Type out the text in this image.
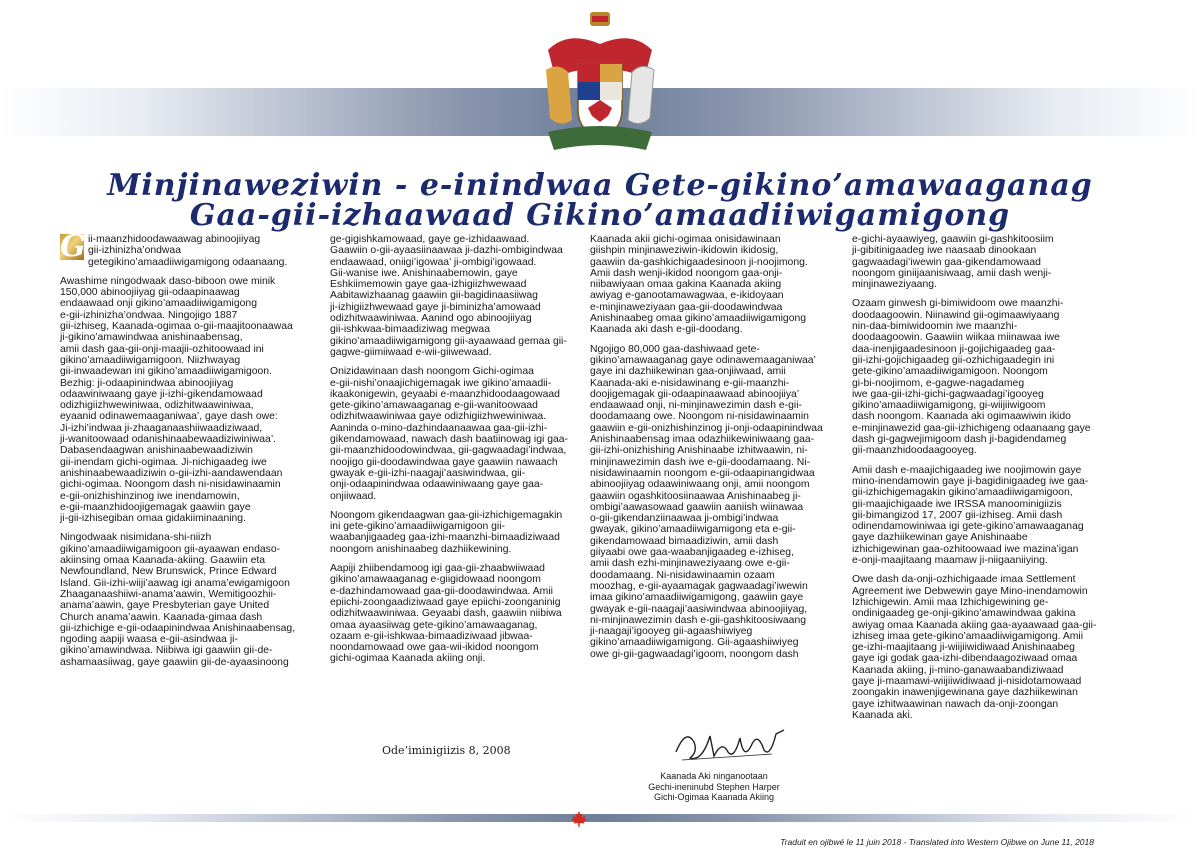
Minjinaweziwin - e-inindwaa Gete-gikino’amawaaganag
Gaa-gii-izhaawaad Gikino’amaadiiwigamigong
G ii-maanzhidoodawaawag abinoojiiyag
gii-izhinizha’ondwaa
getegikino’amaadiiwigamigong odaanaang.

Awashime ningodwaak daso-biboon owe minik
150,000 abinoojiiyag gii-odaapinaawag
endaawaad onji gikino’amaadiiwigamigong
e-gii-izhinizha’ondwaa. Ningojigo 1887
gii-izhiseg, Kaanada-ogimaa o-gii-maajitoonaawaa
ji-gikino’amawindwaa anishinaabensag,
amii dash gaa-gii-onji-maajii-ozhitoowaad ini
gikino’amaadiiwigamigoon. Niizhwayag
gii-inwaadewan ini gikino’amaadiiwigamigoon.
Bezhig: ji-odaapinindwaa abinoojiiyag
odaawiniwaang gaye ji-izhi-gikendamowaad
odizhigiizhwewiniwaa, odizhitwaawiniwaa,
eyaanid odinawemaaganiwaa’, gaye dash owe:
Ji-izhi’indwaa ji-zhaaganaashiiwaadiziwaad,
ji-wanitoowaad odanishinaabewaadiziwiniwaa’.
Dabasendaagwan anishinaabewaadiziwin
gii-inendam gichi-ogimaa. Ji-nichigaadeg iwe
anishinaabewaadiziwin o-gii-izhi-aandawendaan
gichi-ogimaa. Noongom dash ni-nisidawinaamin
e-gii-onizhishinzinog iwe inendamowin,
e-gii-maanzhidoojigemagak gaawiin gaye
ji-gii-izhisegiban omaa gidakiiminaaning.

Ningodwaak nisimidana-shi-niizh
gikino’amaadiiwigamigoon gii-ayaawan endaso-
akiinsing omaa Kaanada-akiing. Gaawiin eta
Newfoundland, New Brunswick, Prince Edward
Island. Gii-izhi-wiiji’aawag igi anama’ewigamigoon
Zhaaganaashiiwi-anama’aawin, Wemitigoozhii-
anama’aawin, gaye Presbyterian gaye United
Church anama’aawin. Kaanada-gimaa dash
gii-izhichige e-gii-odaapinindwaa Anishinaabensag,
ngoding aapiji waasa e-gii-asindwaa ji-
gikino’amawindwaa. Niibiwa igi gaawiin gii-de-
ashamaasiiwag, gaye gaawiin gii-de-ayaasinoong

ge-gigishkamowaad, gaye ge-izhidaawaad.
Gaawiin o-gii-ayaasiinaawaa ji-dazhi-ombigindwaa
endaawaad, oniigi’igowaa’ ji-ombigi’igowaad.
Gii-wanise iwe. Anishinaabemowin, gaye
Eshkiimemowin gaye gaa-izhigiizhwewaad
Aabitawizhaanag gaawiin gii-bagidinaasiiwag
ji-izhigiizhwewaad gaye ji-biminizha’amowaad
odizhitwaawiniwaa. Aanind ogo abinoojiiyag
gii-ishkwaa-bimaadiziwag megwaa
gikino’amaadiiwigamigong gii-ayaawaad gemaa gii-
gagwe-giimiiwaad e-wii-giiwewaad.

Onizidawinaan dash noongom Gichi-ogimaa
e-gii-nishi’onaajichigemagak iwe gikino’amaadii-
ikaakonigewin, geyaabi e-maanzhidoodaagowaad
gete-gikino’amawaaganag e-gii-wanitoowaad
odizhitwaawiniwaa gaye odizhigiizhwewiniwaa.
Aaninda o-mino-dazhindaanaawaa gaa-gii-izhi-
gikendamowaad, nawach dash baatiinowag igi gaa-
gii-maanzhidoodowindwaa, gii-gagwaadagi’indwaa,
noojigo gii-doodawindwaa gaye gaawiin nawaach
gwayak e-gii-izhi-naagaji’aasiwindwaa, gii-
onji-odaapinindwaa odaawiniwaang gaye gaa-
onjiiwaad.

Noongom gikendaagwan gaa-gii-izhichigemagakin
ini gete-gikino’amaadiiwigamigoon gii-
waabanjigaadeg gaa-izhi-maanzhi-bimaadiziwaad
noongom anishinaabeg dazhiikewining.

Aapiji zhiibendamoog igi gaa-gii-zhaabwiiwaad
gikino’amawaaganag e-giigidowaad noongom
e-dazhindamowaad gaa-gii-doodawindwaa. Amii
epiichi-zoongaadiziwaad gaye epiichi-zoonganinig
odizhitwaawiniwaa. Geyaabi dash, gaawiin niibiwa
omaa ayaasiiwag gete-gikino’amawaaganag,
ozaam e-gii-ishkwaa-bimaadiziwaad jibwaa-
noondamowaad owe gaa-wii-ikidod noongom
gichi-ogimaa Kaanada akiing onji.

Kaanada akii gichi-ogimaa onisidawinaan
giishpin minjinaweziwin-ikidowin ikidosig,
gaawiin da-gashkichigaadesinoon ji-noojimong.
Amii dash wenji-ikidod noongom gaa-onji-
niibawiyaan omaa gakina Kaanada akiing
awiyag e-ganootamawagwaa, e-ikidoyaan
e-minjinaweziyaan gaa-gii-doodawindwaa
Anishinaabeg omaa gikino’amaadiiwigamigong
Kaanada aki dash e-gii-doodang.

Ngojigo 80,000 gaa-dashiwaad gete-
gikino’amawaaganag gaye odinawemaaganiwaa’
gaye ini dazhiikewinan gaa-onjiiwaad, amii
Kaanada-aki e-nisidawinang e-gii-maanzhi-
doojigemagak gii-odaapinaawaad abinoojiiya’
endaawaad onji, ni-minjinawezimin dash e-gii-
doodamaang owe. Noongom ni-nisidawinaamin
gaawiin e-gii-onizhishinzinog ji-onji-odaapinindwaa
Anishinaabensag imaa odazhiikewiniwaang gaa-
gii-izhi-onizhishing Anishinaabe izhitwaawin, ni-
minjinawezimin dash iwe e-gii-doodamaang. Ni-
nisidawinaamin noongom e-gii-odaapinangidwaa
abinoojiiyag odaawiniwaang onji, amii noongom
gaawiin ogashkitoosiinaawaa Anishinaabeg ji-
ombigi’aawasowaad gaawiin aaniish wiinawaa
o-gii-gikendanziinaawaa ji-ombigi’indwaa
gwayak, gikino’amaadiiwigamigong eta e-gii-
gikendamowaad bimaadiziwin, amii dash
giiyaabi owe gaa-waabanjigaadeg e-izhiseg,
amii dash ezhi-minjinaweziyaang owe e-gii-
doodamaang. Ni-nisidawinaamin ozaam
moozhag, e-gii-ayaamagak gagwaadagi’iwewin
imaa gikino’amaadiiwigamigong, gaawiin gaye
gwayak e-gii-naagaji’aasiwindwaa abinoojiiyag,
ni-minjinawezimin dash e-gii-gashkitoosiwaang
ji-naagaji’igooyeg gii-agaashiiwiyeg
gikino’amaadiiwigamigong. Gii-agaashiiwiyeg
owe gi-gii-gagwaadagi’igoom, noongom dash

e-gichi-ayaawiyeg, gaawiin gi-gashkitoosiim
ji-gibitinigaadeg iwe naasaab dinookaan
gagwaadagi’iwewin gaa-gikendamowaad
noongom giniijaanisiwaag, amii dash wenji-
minjinaweziyaang.

Ozaam ginwesh gi-bimiwidoom owe maanzhi-
doodaagoowin. Niinawind gii-ogimaawiyaang
nin-daa-bimiwidoomin iwe maanzhi-
doodaagoowin. Gaawiin wiikaa miinawaa iwe
daa-inenjigaadesinoon ji-gojichigaadeg gaa-
gii-izhi-gojichigaadeg gii-ozhichigaadegin ini
gete-gikino’amaadiiwigamigoon. Noongom
gi-bi-noojimom, e-gagwe-nagadameg
iwe gaa-gii-izhi-gichi-gagwaadagi’igooyeg
gikino’amaadiiwigamigong, gi-wiijiiwigoom
dash noongom. Kaanada aki ogimaawiwin ikido
e-minjinawezid gaa-gii-izhichigeng odaanaang gaye
dash gi-gagwejimigoom dash ji-bagidendameg
gii-maanzhidoodaagooyeg.

Amii dash e-maajichigaadeg iwe noojimowin gaye
mino-inendamowin gaye ji-bagidinigaadeg iwe gaa-
gii-izhichigemagakin gikino’amaadiiwigamigoon,
gii-maajichigaade iwe IRSSA manoominigiizis
gii-bimangizod 17, 2007 gii-izhiseg. Amii dash
odinendamowiniwaa igi gete-gikino’amawaaganag
gaye dazhiikewinan gaye Anishinaabe
izhichigewinan gaa-ozhitoowaad iwe mazina’igan
e-onji-maajitaang maamaw ji-niigaaniiying.

Owe dash da-onji-ozhichigaade imaa Settlement
Agreement iwe Debwewin gaye Mino-inendamowin
Izhichigewin. Amii maa Izhichigewining ge-
ondinigaadeg ge-onji-gikino’amawindwaa gakina
awiyag omaa Kaanada akiing gaa-ayaawaad gaa-gii-
izhiseg imaa gete-gikino’amaadiiwigamigong. Amii
ge-izhi-maajitaang ji-wiijiiwidiwaad Anishinaabeg
gaye igi godak gaa-izhi-dibendaagoziwaad omaa
Kaanada akiing, ji-mino-ganawaabandiziwaad
gaye ji-maamawi-wiijiiwidiwaad ji-nisidotamowaad
zoongakin inawenjigewinana gaye dazhiikewinan
gaye izhitwaawinan nawach da-onji-zoongan
Kaanada aki.

Ode’iminigiizis 8, 2008
Kaanada Aki ninganootaan
Gechi-ineninubd Stephen Harper
Gichi-Ogimaa Kaanada Akiing
Traduit en ojibwé le 11 juin 2018 - Translated into Western Ojibwe on June 11, 2018
